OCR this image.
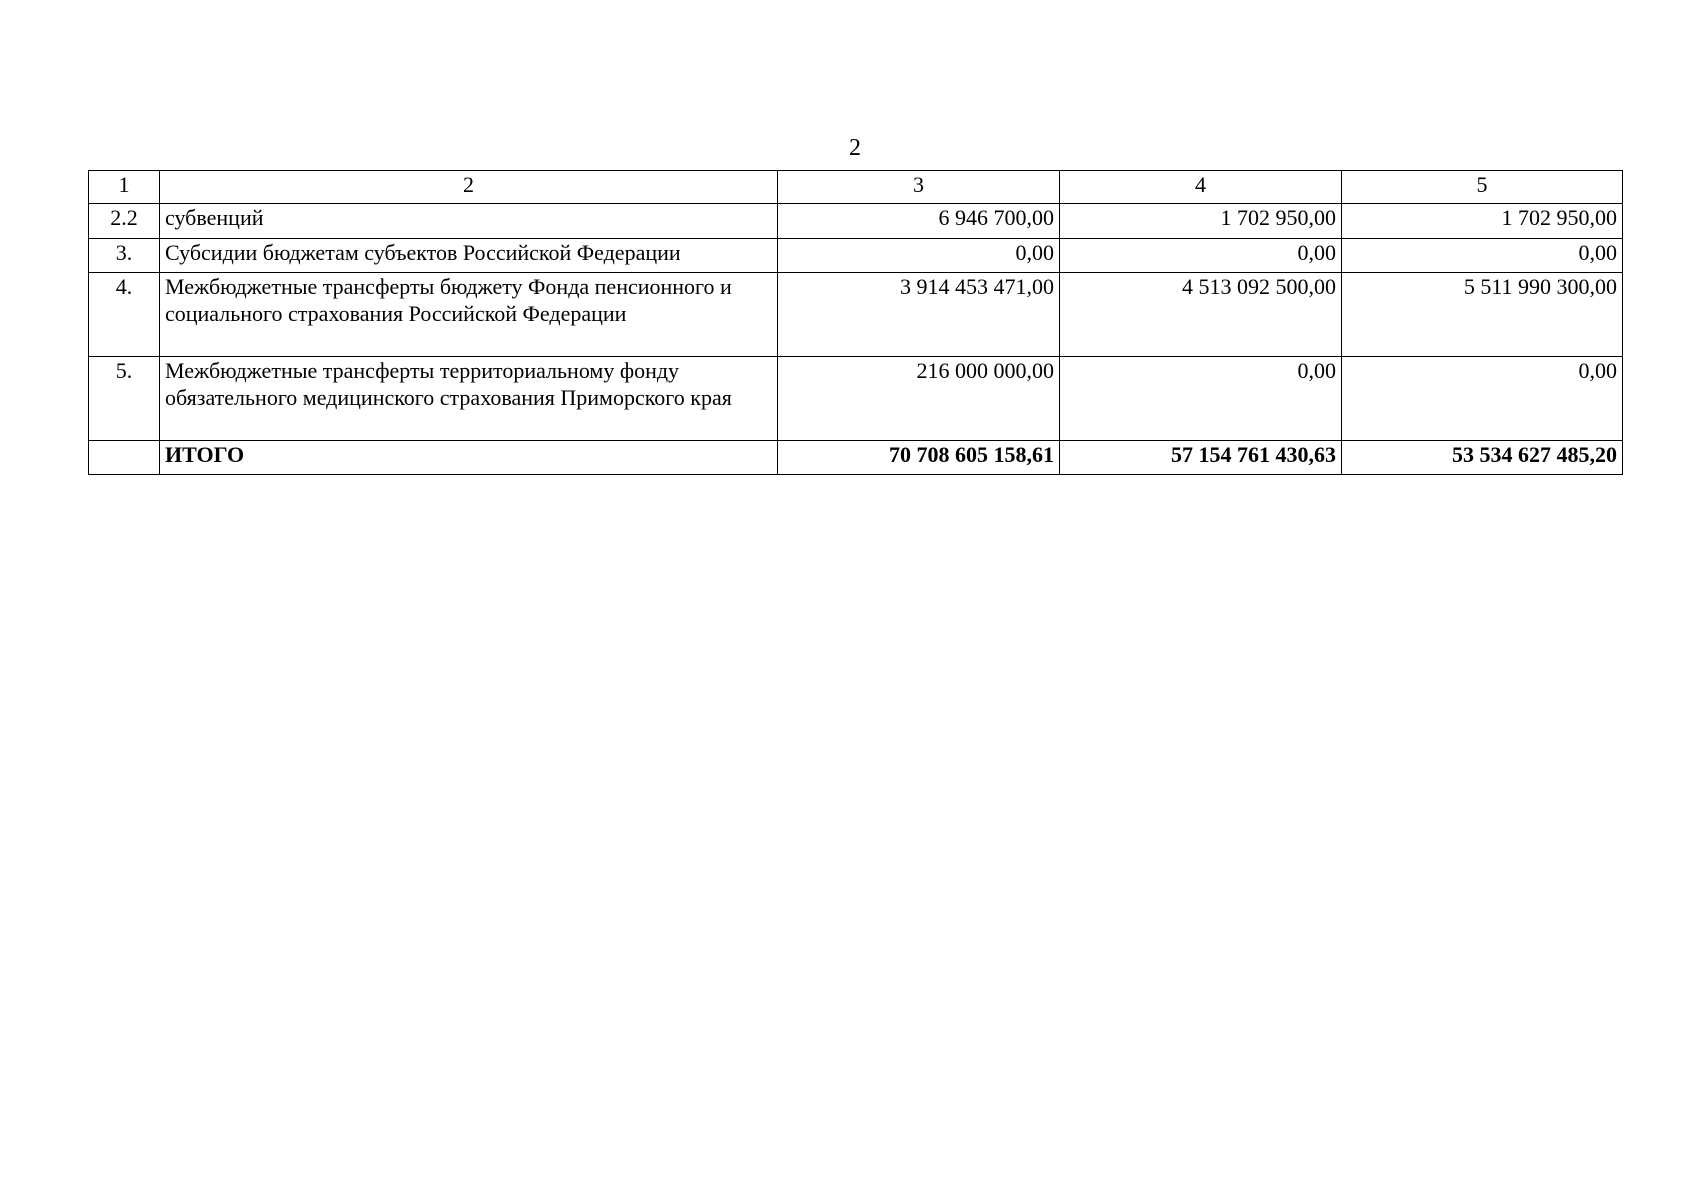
2
1	2	3	4	5
2.2	субвенций	6 946 700,00	1 702 950,00	1 702 950,00
3.	Субсидии бюджетам субъектов Российской Федерации	0,00	0,00	0,00
4.	Межбюджетные трансферты бюджету Фонда пенсионного и социального страхования Российской Федерации	3 914 453 471,00	4 513 092 500,00	5 511 990 300,00
5.	Межбюджетные трансферты территориальному фонду обязательного медицинского страхования Приморского края	216 000 000,00	0,00	0,00
	ИТОГО	70 708 605 158,61	57 154 761 430,63	53 534 627 485,20
